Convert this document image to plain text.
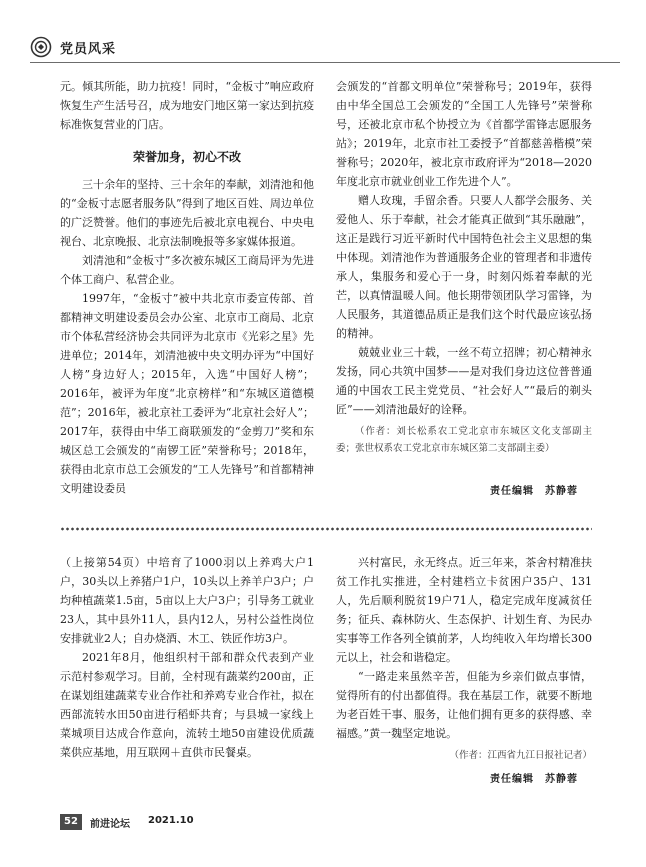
党员风采

元。倾其所能，助力抗疫！同时，“金板寸”响应政府恢复生产生活号召，成为地安门地区第一家达到抗疫标准恢复营业的门店。

荣誉加身，初心不改

三十余年的坚持、三十余年的奉献，刘清池和他的“金板寸志愿者服务队”得到了地区百姓、周边单位的广泛赞誉。他们的事迹先后被北京电视台、中央电视台、北京晚报、北京法制晚报等多家媒体报道。

刘清池和“金板寸”多次被东城区工商局评为先进个体工商户、私营企业。

1997年，“金板寸”被中共北京市委宣传部、首都精神文明建设委员会办公室、北京市工商局、北京市个体私营经济协会共同评为北京市《光彩之星》先进单位；2014年，刘清池被中央文明办评为“中国好人榜”身边好人；2015年，入选“中国好人榜”；2016年，被评为年度“北京榜样”和“东城区道德模范”；2016年，被北京社工委评为“北京社会好人”；2017年，获得由中华工商联颁发的“金剪刀”奖和东城区总工会颁发的“南锣工匠”荣誉称号；2018年，获得由北京市总工会颁发的“工人先锋号”和首都精神文明建设委员

会颁发的“首都文明单位”荣誉称号；2019年，获得由中华全国总工会颁发的“全国工人先锋号”荣誉称号，还被北京市私个协授立为《首都学雷锋志愿服务站》；2019年，北京市社工委授予“首都慈善楷模”荣誉称号；2020年，被北京市政府评为“2018—2020年度北京市就业创业工作先进个人”。

赠人玫瑰，手留余香。只要人人都学会服务、关爱他人、乐于奉献，社会才能真正做到“其乐融融”，这正是践行习近平新时代中国特色社会主义思想的集中体现。刘清池作为普通服务企业的管理者和非遗传承人，集服务和爱心于一身，时刻闪烁着奉献的光芒，以真情温暖人间。他长期带领团队学习雷锋，为人民服务，其道德品质正是我们这个时代最应该弘扬的精神。

兢兢业业三十载，一丝不苟立招牌；初心精神永发扬，同心共筑中国梦——是对我们身边这位普普通通的中国农工民主党党员、“社会好人”“最后的剃头匠”——刘清池最好的诠释。

（作者：刘长松系农工党北京市东城区文化支部副主委；张世权系农工党北京市东城区第二支部副主委）

责任编辑　苏静蓉

（上接第54页）中培育了1000羽以上养鸡大户1户，30头以上养猪户1户，10头以上养羊户3户；户均种植蔬菜1.5亩，5亩以上大户3户；引导务工就业23人，其中县外11人，县内12人，另村公益性岗位安排就业2人；自办烧酒、木工、铁匠作坊3户。

2021年8月，他组织村干部和群众代表到产业示范村参观学习。目前，全村现有蔬菜约200亩，正在谋划组建蔬菜专业合作社和养鸡专业合作社，拟在西部流转水田50亩进行稻虾共育；与县城一家线上菜城项目达成合作意向，流转土地50亩建设优质蔬菜供应基地，用互联网＋直供市民餐桌。

兴村富民，永无终点。近三年来，茶舍村精准扶贫工作扎实推进，全村建档立卡贫困户35户、131人，先后顺利脱贫19户71人，稳定完成年度减贫任务；征兵、森林防火、生态保护、计划生育、为民办实事等工作各列全镇前茅，人均纯收入年均增长300元以上，社会和谐稳定。

“一路走来虽然辛苦，但能为乡亲们做点事情，觉得所有的付出都值得。我在基层工作，就要不断地为老百姓干事、服务，让他们拥有更多的获得感、幸福感。”黄一魏坚定地说。

（作者：江西省九江日报社记者）

责任编辑　苏静蓉
52	前进论坛 2021.10
